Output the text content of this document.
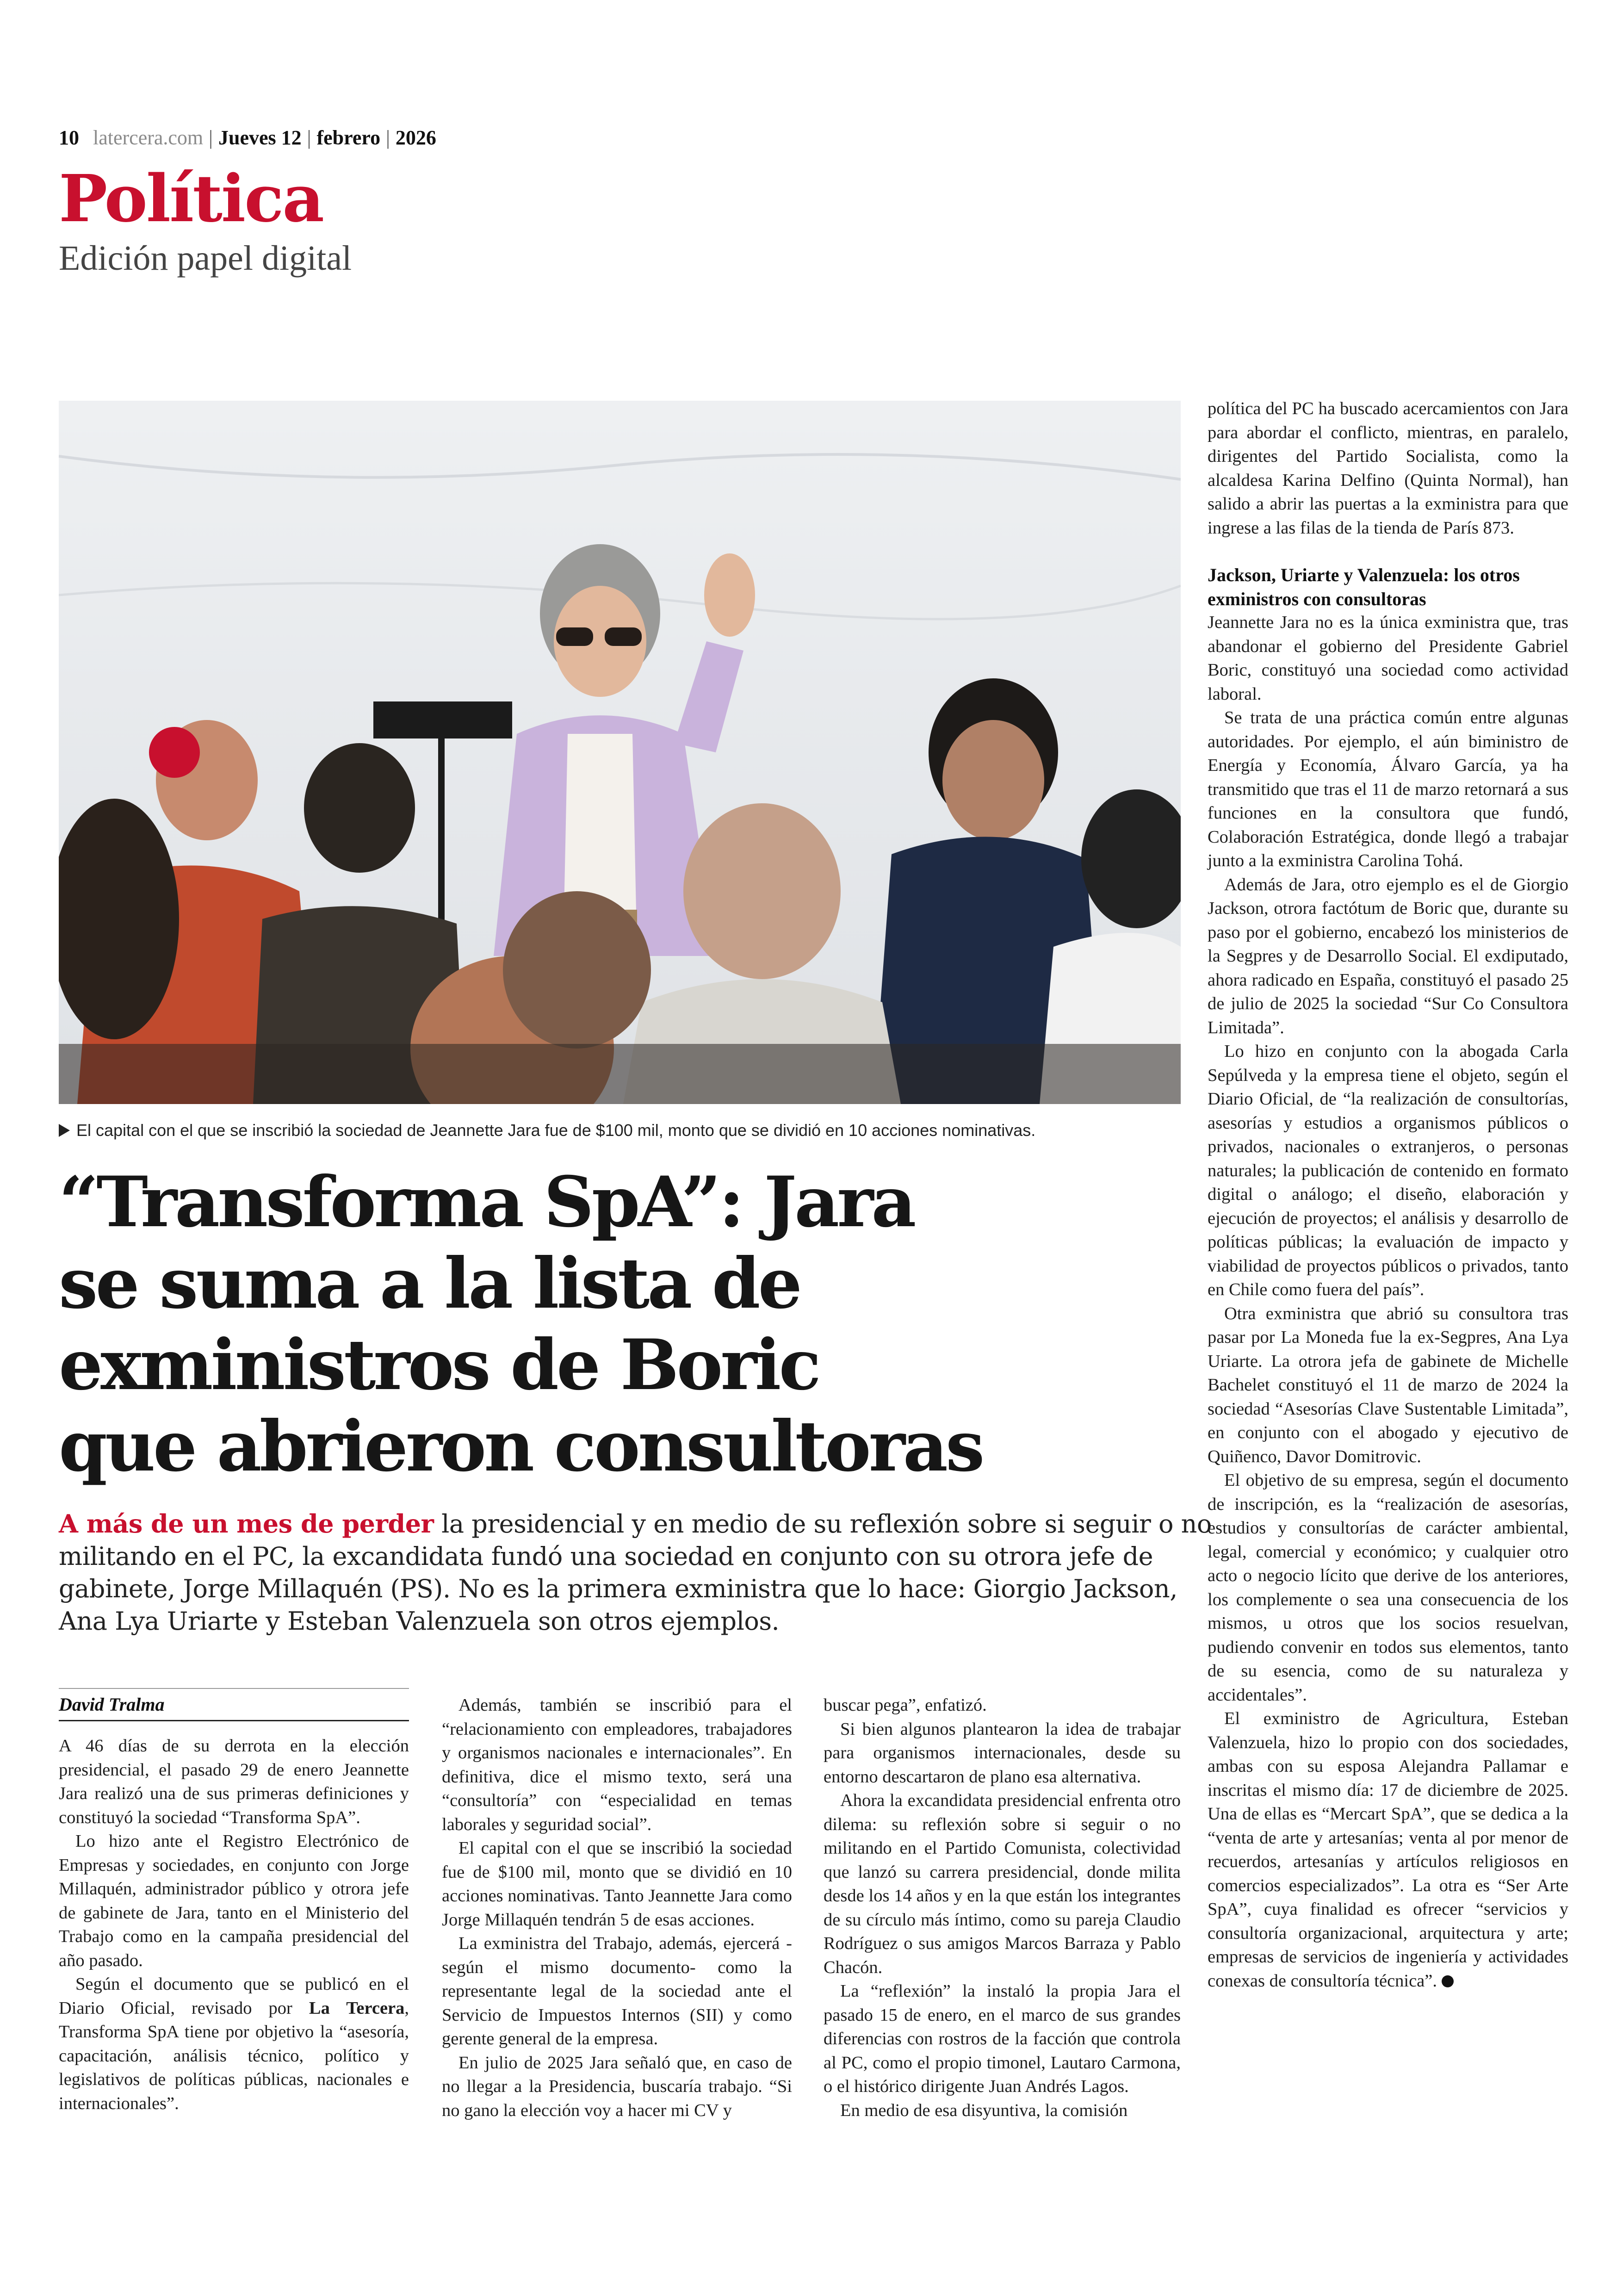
10 latercera.com | Jueves 12 | febrero | 2026
Política
Edición papel digital
El capital con el que se inscribió la sociedad de Jeannette Jara fue de $100 mil, monto que se dividió en 10 acciones nominativas.
“Transforma SpA”: Jara
se suma a la lista de
exministros de Boric
que abrieron consultoras
A más de un mes de perder la presidencial y en medio de su reflexión sobre si seguir o no
militando en el PC, la excandidata fundó una sociedad en conjunto con su otrora jefe de
gabinete, Jorge Millaquén (PS). No es la primera exministra que lo hace: Giorgio Jackson,
Ana Lya Uriarte y Esteban Valenzuela son otros ejemplos.
David Tralma

A 46 días de su derrota en la elección presidencial, el pasado 29 de enero Jeannette Jara realizó una de sus primeras definiciones y constituyó la sociedad “Transforma SpA”.

Lo hizo ante el Registro Electrónico de Empresas y sociedades, en conjunto con Jorge Millaquén, administrador público y otrora jefe de gabinete de Jara, tanto en el Ministerio del Trabajo como en la campaña presidencial del año pasado.

Según el documento que se publicó en el Diario Oficial, revisado por La Tercera, Transforma SpA tiene por objetivo la “asesoría, capacitación, análisis técnico, político y legislativos de políticas públicas, nacionales e internacionales”.

Además, también se inscribió para el “relacionamiento con empleadores, trabajadores y organismos nacionales e internacionales”. En definitiva, dice el mismo texto, será una “consultoría” con “especialidad en temas laborales y seguridad social”.

El capital con el que se inscribió la sociedad fue de $100 mil, monto que se dividió en 10 acciones nominativas. Tanto Jeannette Jara como Jorge Millaquén tendrán 5 de esas acciones.

La exministra del Trabajo, además, ejercerá -según el mismo documento- como la representante legal de la sociedad ante el Servicio de Impuestos Internos (SII) y como gerente general de la empresa.

En julio de 2025 Jara señaló que, en caso de no llegar a la Presidencia, buscaría trabajo. “Si no gano la elección voy a hacer mi CV y

buscar pega”, enfatizó.

Si bien algunos plantearon la idea de trabajar para organismos internacionales, desde su entorno descartaron de plano esa alternativa.

Ahora la excandidata presidencial enfrenta otro dilema: su reflexión sobre si seguir o no militando en el Partido Comunista, colectividad que lanzó su carrera presidencial, donde milita desde los 14 años y en la que están los integrantes de su círculo más íntimo, como su pareja Claudio Rodríguez o sus amigos Marcos Barraza y Pablo Chacón.

La “reflexión” la instaló la propia Jara el pasado 15 de enero, en el marco de sus grandes diferencias con rostros de la facción que controla al PC, como el propio timonel, Lautaro Carmona, o el histórico dirigente Juan Andrés Lagos.

En medio de esa disyuntiva, la comisión

política del PC ha buscado acercamientos con Jara para abordar el conflicto, mientras, en paralelo, dirigentes del Partido Socialista, como la alcaldesa Karina Delfino (Quinta Normal), han salido a abrir las puertas a la exministra para que ingrese a las filas de la tienda de París 873.

Jackson, Uriarte y Valenzuela: los otros exministros con consultoras

Jeannette Jara no es la única exministra que, tras abandonar el gobierno del Presidente Gabriel Boric, constituyó una sociedad como actividad laboral.

Se trata de una práctica común entre algunas autoridades. Por ejemplo, el aún biministro de Energía y Economía, Álvaro García, ya ha transmitido que tras el 11 de marzo retornará a sus funciones en la consultora que fundó, Colaboración Estratégica, donde llegó a trabajar junto a la exministra Carolina Tohá.

Además de Jara, otro ejemplo es el de Giorgio Jackson, otrora factótum de Boric que, durante su paso por el gobierno, encabezó los ministerios de la Segpres y de Desarrollo Social. El exdiputado, ahora radicado en España, constituyó el pasado 25 de julio de 2025 la sociedad “Sur Co Consultora Limitada”.

Lo hizo en conjunto con la abogada Carla Sepúlveda y la empresa tiene el objeto, según el Diario Oficial, de “la realización de consultorías, asesorías y estudios a organismos públicos o privados, nacionales o extranjeros, o personas naturales; la publicación de contenido en formato digital o análogo; el diseño, elaboración y ejecución de proyectos; el análisis y desarrollo de políticas públicas; la evaluación de impacto y viabilidad de proyectos públicos o privados, tanto en Chile como fuera del país”.

Otra exministra que abrió su consultora tras pasar por La Moneda fue la ex-Segpres, Ana Lya Uriarte. La otrora jefa de gabinete de Michelle Bachelet constituyó el 11 de marzo de 2024 la sociedad “Asesorías Clave Sustentable Limitada”, en conjunto con el abogado y ejecutivo de Quiñenco, Davor Domitrovic.

El objetivo de su empresa, según el documento de inscripción, es la “realización de asesorías, estudios y consultorías de carácter ambiental, legal, comercial y económico; y cualquier otro acto o negocio lícito que derive de los anteriores, los complemente o sea una consecuencia de los mismos, u otros que los socios resuelvan, pudiendo convenir en todos sus elementos, tanto de su esencia, como de su naturaleza y accidentales”.

El exministro de Agricultura, Esteban Valenzuela, hizo lo propio con dos sociedades, ambas con su esposa Alejandra Pallamar e inscritas el mismo día: 17 de diciembre de 2025. Una de ellas es “Mercart SpA”, que se dedica a la “venta de arte y artesanías; venta al por menor de recuerdos, artesanías y artículos religiosos en comercios especializados”. La otra es “Ser Arte SpA”, cuya finalidad es ofrecer “servicios y consultoría organizacional, arquitectura y arte; empresas de servicios de ingeniería y actividades conexas de consultoría técnica”.
